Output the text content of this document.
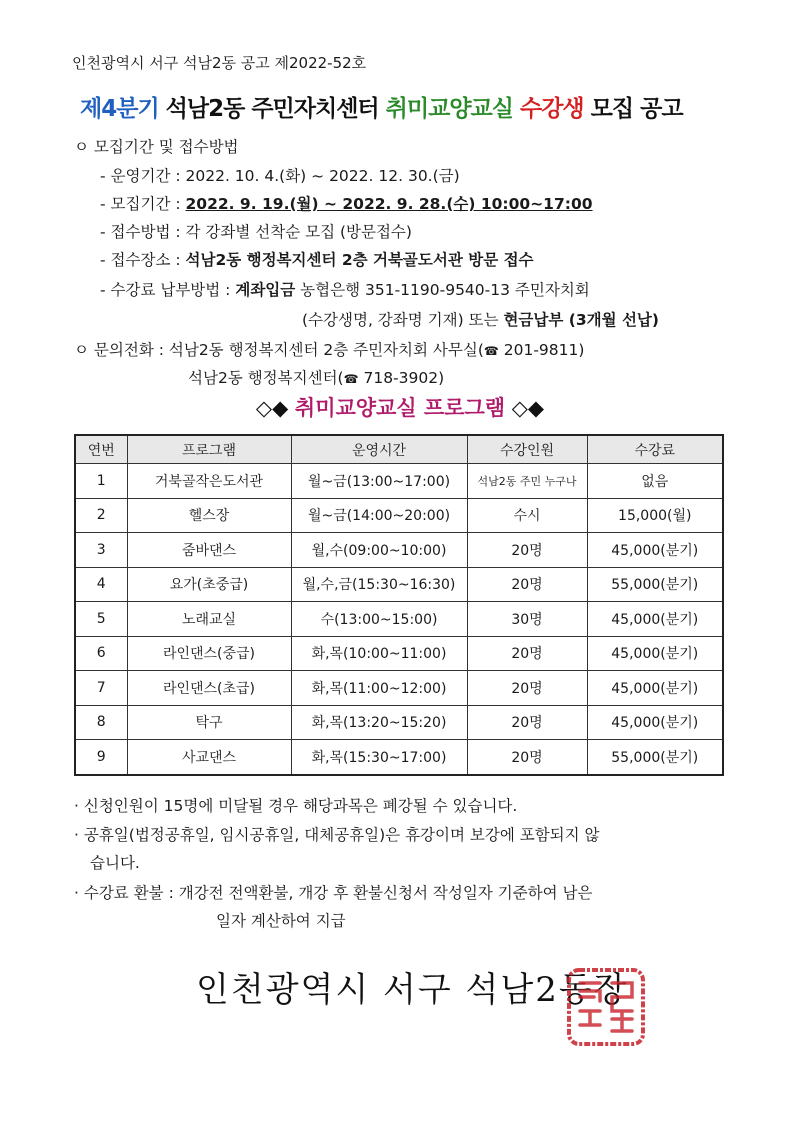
인천광역시 서구 석남2동 공고 제2022-52호
제4분기 석남2동 주민자치센터 취미교양교실 수강생 모집 공고
ㅇ 모집기간 및 접수방법
- 운영기간 : 2022. 10. 4.(화) ~ 2022. 12. 30.(금)
- 모집기간 : 2022. 9. 19.(월) ~ 2022. 9. 28.(수) 10:00~17:00
- 접수방법 : 각 강좌별 선착순 모집 (방문접수)
- 접수장소 : 석남2동 행정복지센터 2층 거북골도서관 방문 접수
- 수강료 납부방법 : 계좌입금 농협은행 351-1190-9540-13 주민자치회
(수강생명, 강좌명 기재) 또는 현금납부 (3개월 선납)
ㅇ 문의전화 : 석남2동 행정복지센터 2층 주민자치회 사무실(☎ 201-9811)
석남2동 행정복지센터(☎ 718-3902)
◇◆ 취미교양교실 프로그램 ◇◆
연번	프로그램	운영시간	수강인원	수강료
1	거북골작은도서관	월~금(13:00~17:00)	석남2동 주민 누구나	없음
2	헬스장	월~금(14:00~20:00)	수시	15,000(월)
3	줌바댄스	월,수(09:00~10:00)	20명	45,000(분기)
4	요가(초중급)	월,수,금(15:30~16:30)	20명	55,000(분기)
5	노래교실	수(13:00~15:00)	30명	45,000(분기)
6	라인댄스(중급)	화,목(10:00~11:00)	20명	45,000(분기)
7	라인댄스(초급)	화,목(11:00~12:00)	20명	45,000(분기)
8	탁구	화,목(13:20~15:20)	20명	45,000(분기)
9	사교댄스	화,목(15:30~17:00)	20명	55,000(분기)
· 신청인원이 15명에 미달될 경우 해당과목은 폐강될 수 있습니다.
· 공휴일(법정공휴일, 임시공휴일, 대체공휴일)은 휴강이며 보강에 포함되지 않
습니다.
· 수강료 환불 : 개강전 전액환불, 개강 후 환불신청서 작성일자 기준하여 남은
일자 계산하여 지급
인천광역시 서구 석남2동장
